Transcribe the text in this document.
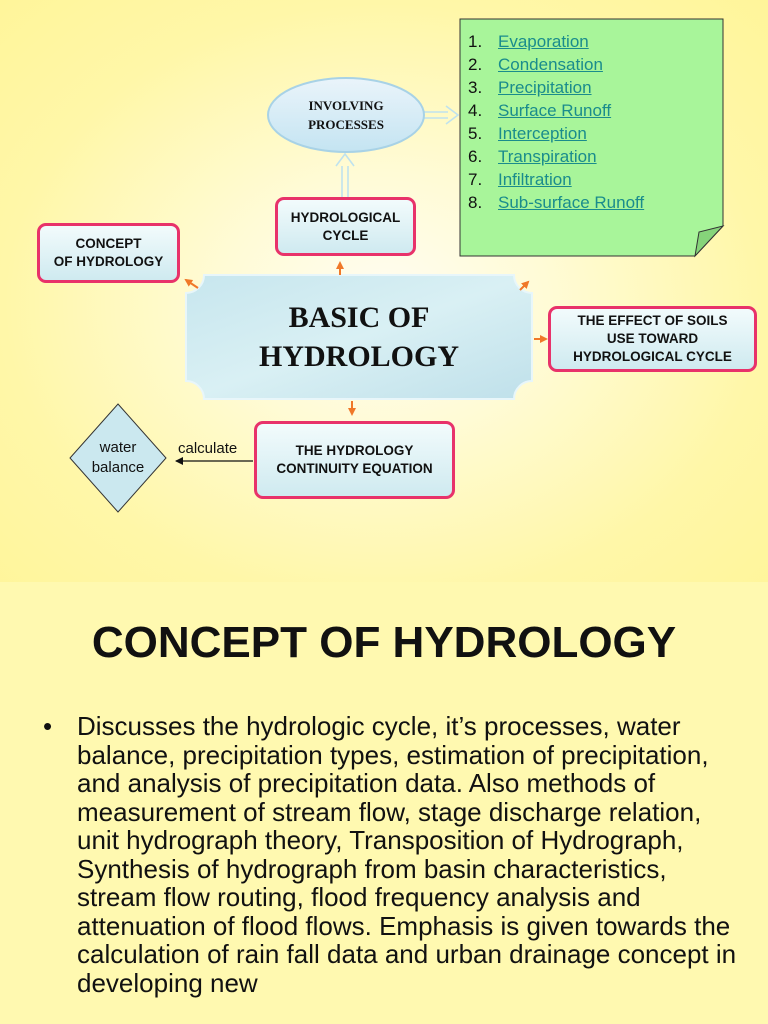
1. Evaporation
2. Condensation
3. Precipitation
4. Surface Runoff
5. Interception
6. Transpiration
7. Infiltration
8. Sub-surface Runoff
INVOLVING
PROCESSES
HYDROLOGICAL
CYCLE
CONCEPT
OF HYDROLOGY
BASIC OF
HYDROLOGY
THE EFFECT OF SOILS
USE TOWARD
HYDROLOGICAL CYCLE
THE HYDROLOGY
CONTINUITY EQUATION
water
balance
calculate
CONCEPT OF HYDROLOGY
• Discusses the hydrologic cycle, it’s processes, water balance, precipitation types, estimation of precipitation, and analysis of precipitation data. Also methods of measurement of stream flow, stage discharge relation, unit hydrograph theory, Transposition of Hydrograph, Synthesis of hydrograph from basin characteristics, stream flow routing, flood frequency analysis and attenuation of flood flows. Emphasis is given towards the calculation of rain fall data and urban drainage concept in developing new
